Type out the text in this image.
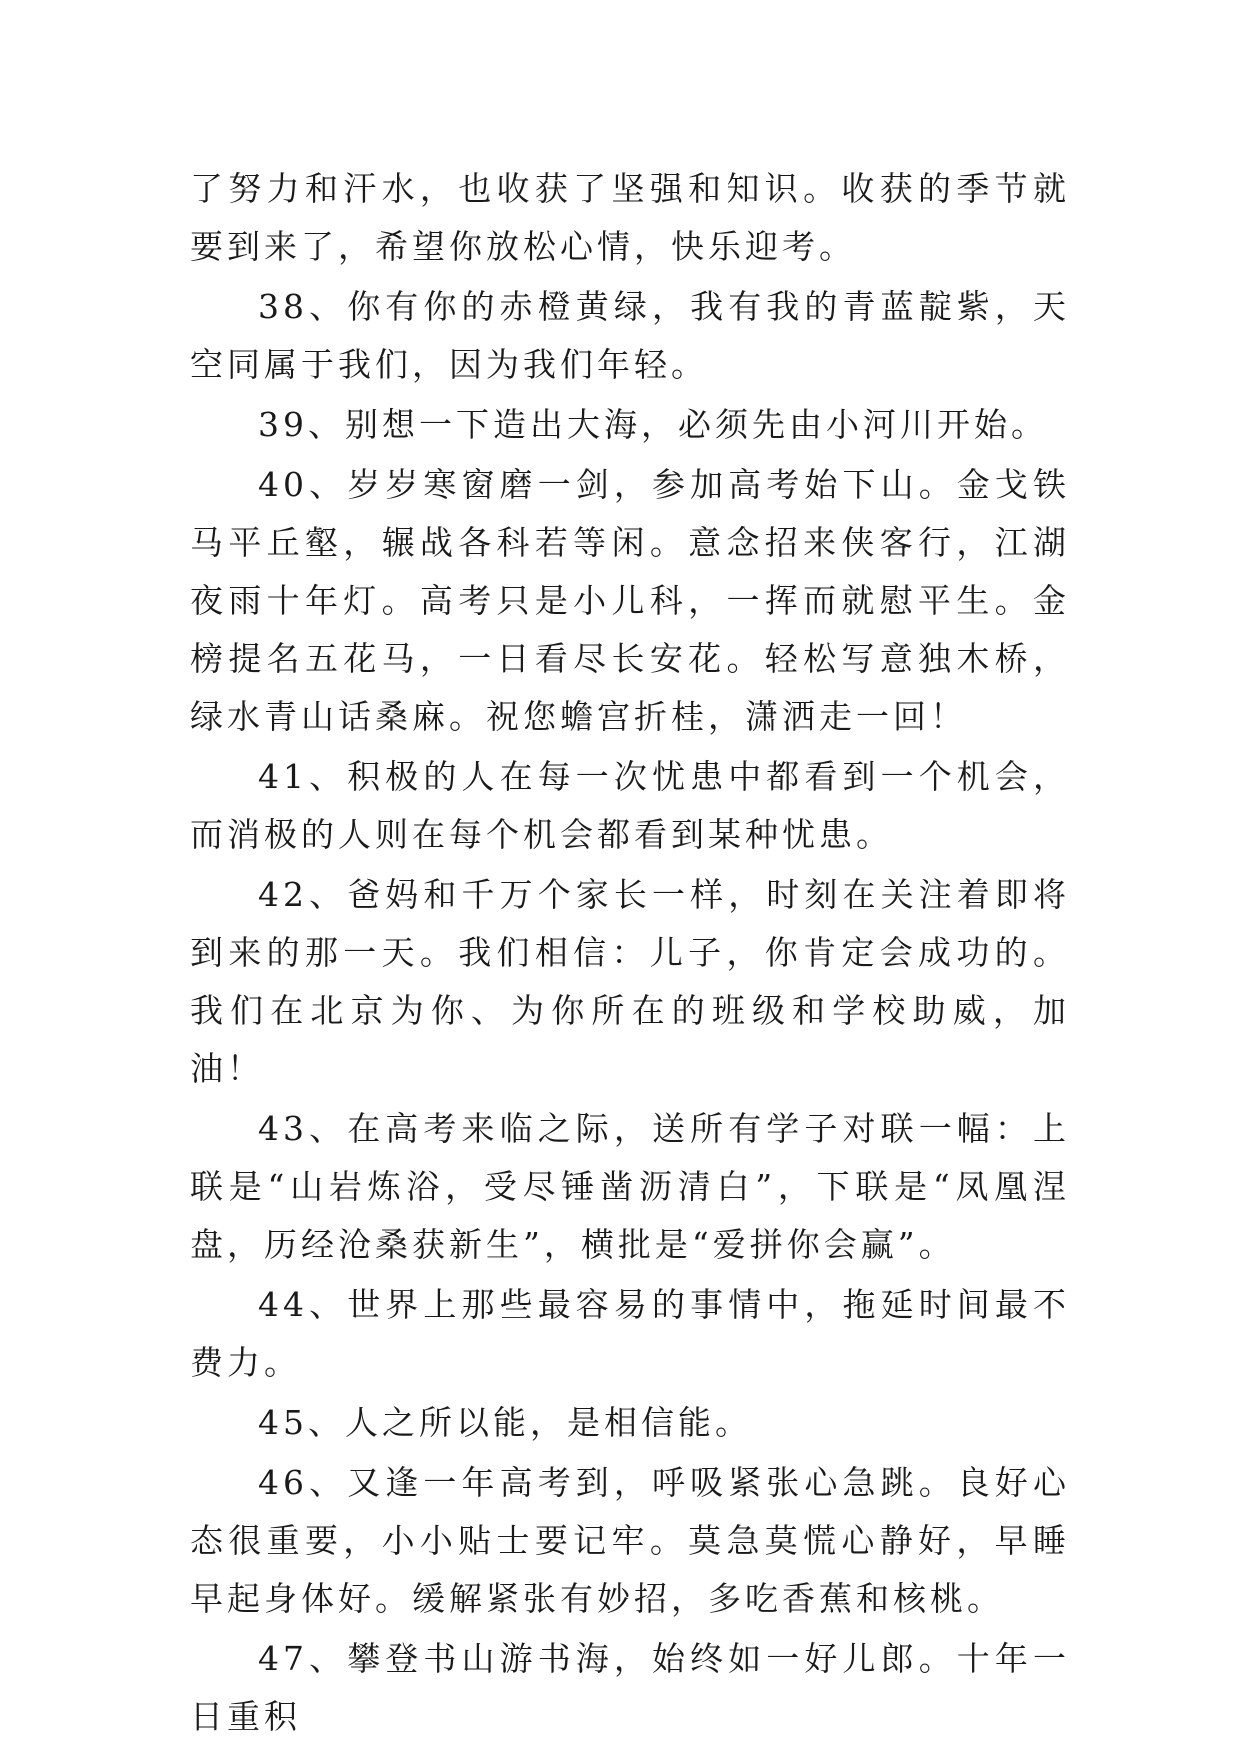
了努力和汗水，也收获了坚强和知识。收获的季节就要到来了，希望你放松心情，快乐迎考。

38、你有你的赤橙黄绿，我有我的青蓝靛紫，天空同属于我们，因为我们年轻。

39、别想一下造出大海，必须先由小河川开始。

40、岁岁寒窗磨一剑，参加高考始下山。金戈铁马平丘壑，辗战各科若等闲。意念招来侠客行，江湖夜雨十年灯。高考只是小儿科，一挥而就慰平生。金榜提名五花马，一日看尽长安花。轻松写意独木桥，绿水青山话桑麻。祝您蟾宫折桂，潇洒走一回！

41、积极的人在每一次忧患中都看到一个机会，而消极的人则在每个机会都看到某种忧患。

42、爸妈和千万个家长一样，时刻在关注着即将到来的那一天。我们相信：儿子，你肯定会成功的。我们在北京为你、为你所在的班级和学校助威，加油！

43、在高考来临之际，送所有学子对联一幅：上联是“山岩炼浴，受尽锤凿沥清白”，下联是“凤凰涅盘，历经沧桑获新生”，横批是“爱拼你会赢”。

44、世界上那些最容易的事情中，拖延时间最不费力。

45、人之所以能，是相信能。

46、又逢一年高考到，呼吸紧张心急跳。良好心态很重要，小小贴士要记牢。莫急莫慌心静好，早睡早起身体好。缓解紧张有妙招，多吃香蕉和核桃。

47、攀登书山游书海，始终如一好儿郎。十年一日重积
